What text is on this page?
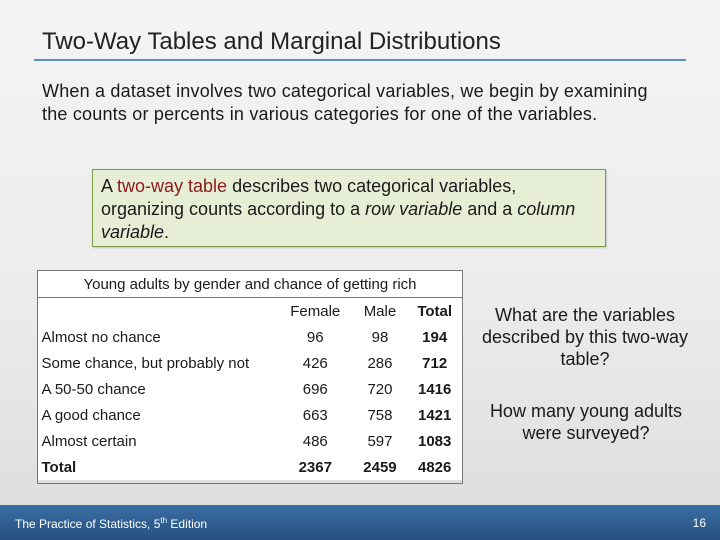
Two-Way Tables and Marginal Distributions
When a dataset involves two categorical variables, we begin by examining the counts or percents in various categories for one of the variables.
A two-way table describes two categorical variables, organizing counts according to a row variable and a column variable.
Young adults by gender and chance of getting rich			
	Female	Male	Total
Almost no chance	96	98	194
Some chance, but probably not	426	286	712
A 50-50 chance	696	720	1416
A good chance	663	758	1421
Almost certain	486	597	1083
Total	2367	2459	4826
What are the variables described by this two-way table?
How many young adults were surveyed?
The Practice of Statistics, 5th Edition	16
